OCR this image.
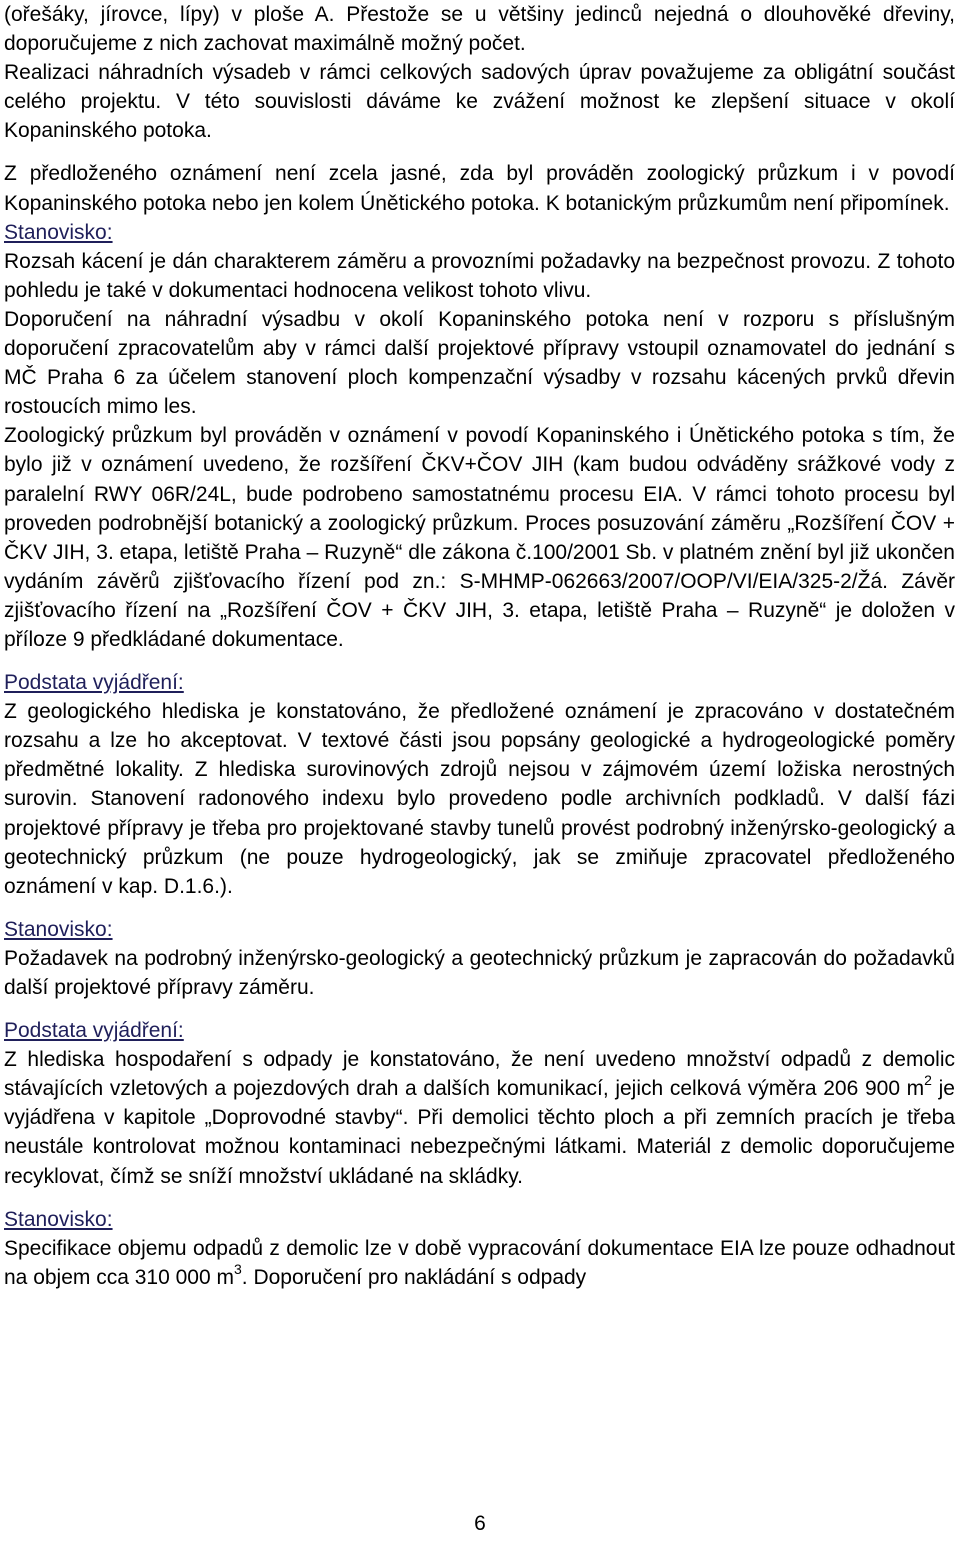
(ořešáky, jírovce, lípy) v ploše A. Přestože se u většiny jedinců nejedná o dlouhověké dřeviny, doporučujeme z nich zachovat maximálně možný počet.

Realizaci náhradních výsadeb v rámci celkových sadových úprav považujeme za obligátní součást celého projektu. V této souvislosti dáváme ke zvážení možnost ke zlepšení situace v okolí Kopaninského potoka.

Z předloženého oznámení není zcela jasné, zda byl prováděn zoologický průzkum i v povodí Kopaninského potoka nebo jen kolem Únětického potoka. K botanickým průzkumům není připomínek.

Stanovisko:

Rozsah kácení je dán charakterem záměru a provozními požadavky na bezpečnost provozu. Z tohoto pohledu je také v dokumentaci hodnocena velikost tohoto vlivu.

Doporučení na náhradní výsadbu v okolí Kopaninského potoka není v rozporu s příslušným doporučení zpracovatelům aby v rámci další projektové přípravy vstoupil oznamovatel do jednání s MČ Praha 6 za účelem stanovení ploch kompenzační výsadby v rozsahu kácených prvků dřevin rostoucích mimo les.

Zoologický průzkum byl prováděn v oznámení v povodí Kopaninského i Únětického potoka s tím, že bylo již v oznámení uvedeno, že rozšíření ČKV+ČOV JIH (kam budou odváděny srážkové vody z paralelní RWY 06R/24L, bude podrobeno samostatnému procesu EIA. V rámci tohoto procesu byl proveden podrobnější botanický a zoologický průzkum. Proces posuzování záměru „Rozšíření ČOV + ČKV JIH, 3. etapa, letiště Praha – Ruzyně“ dle zákona č.100/2001 Sb. v platném znění byl již ukončen vydáním závěrů zjišťovacího řízení pod zn.: S-MHMP-062663/2007/OOP/VI/EIA/325-2/Žá. Závěr zjišťovacího řízení na „Rozšíření ČOV + ČKV JIH, 3. etapa, letiště Praha – Ruzyně“ je doložen v příloze 9 předkládané dokumentace.

Podstata vyjádření:

Z geologického hlediska je konstatováno, že předložené oznámení je zpracováno v dostatečném rozsahu a lze ho akceptovat. V textové části jsou popsány geologické a hydrogeologické poměry předmětné lokality. Z hlediska surovinových zdrojů nejsou v zájmovém území ložiska nerostných surovin. Stanovení radonového indexu bylo provedeno podle archivních podkladů. V další fázi projektové přípravy je třeba pro projektované stavby tunelů provést podrobný inženýrsko-geologický a geotechnický průzkum (ne pouze hydrogeologický, jak se zmiňuje zpracovatel předloženého oznámení v kap. D.1.6.).

Stanovisko:

Požadavek na podrobný inženýrsko-geologický a geotechnický průzkum je zapracován do požadavků další projektové přípravy záměru.

Podstata vyjádření:

Z hlediska hospodaření s odpady je konstatováno, že není uvedeno množství odpadů z demolic stávajících vzletových a pojezdových drah a dalších komunikací, jejich celková výměra 206 900 $m^2$ je vyjádřena v kapitole „Doprovodné stavby“. Při demolici těchto ploch a při zemních pracích je třeba neustále kontrolovat možnou kontaminaci nebezpečnými látkami. Materiál z demolic doporučujeme recyklovat, čímž se sníží množství ukládané na skládky.

Stanovisko:

Specifikace objemu odpadů z demolic lze v době vypracování dokumentace EIA lze pouze odhadnout na objem cca 310 000 $m^3$. Doporučení pro nakládání s odpady

6
